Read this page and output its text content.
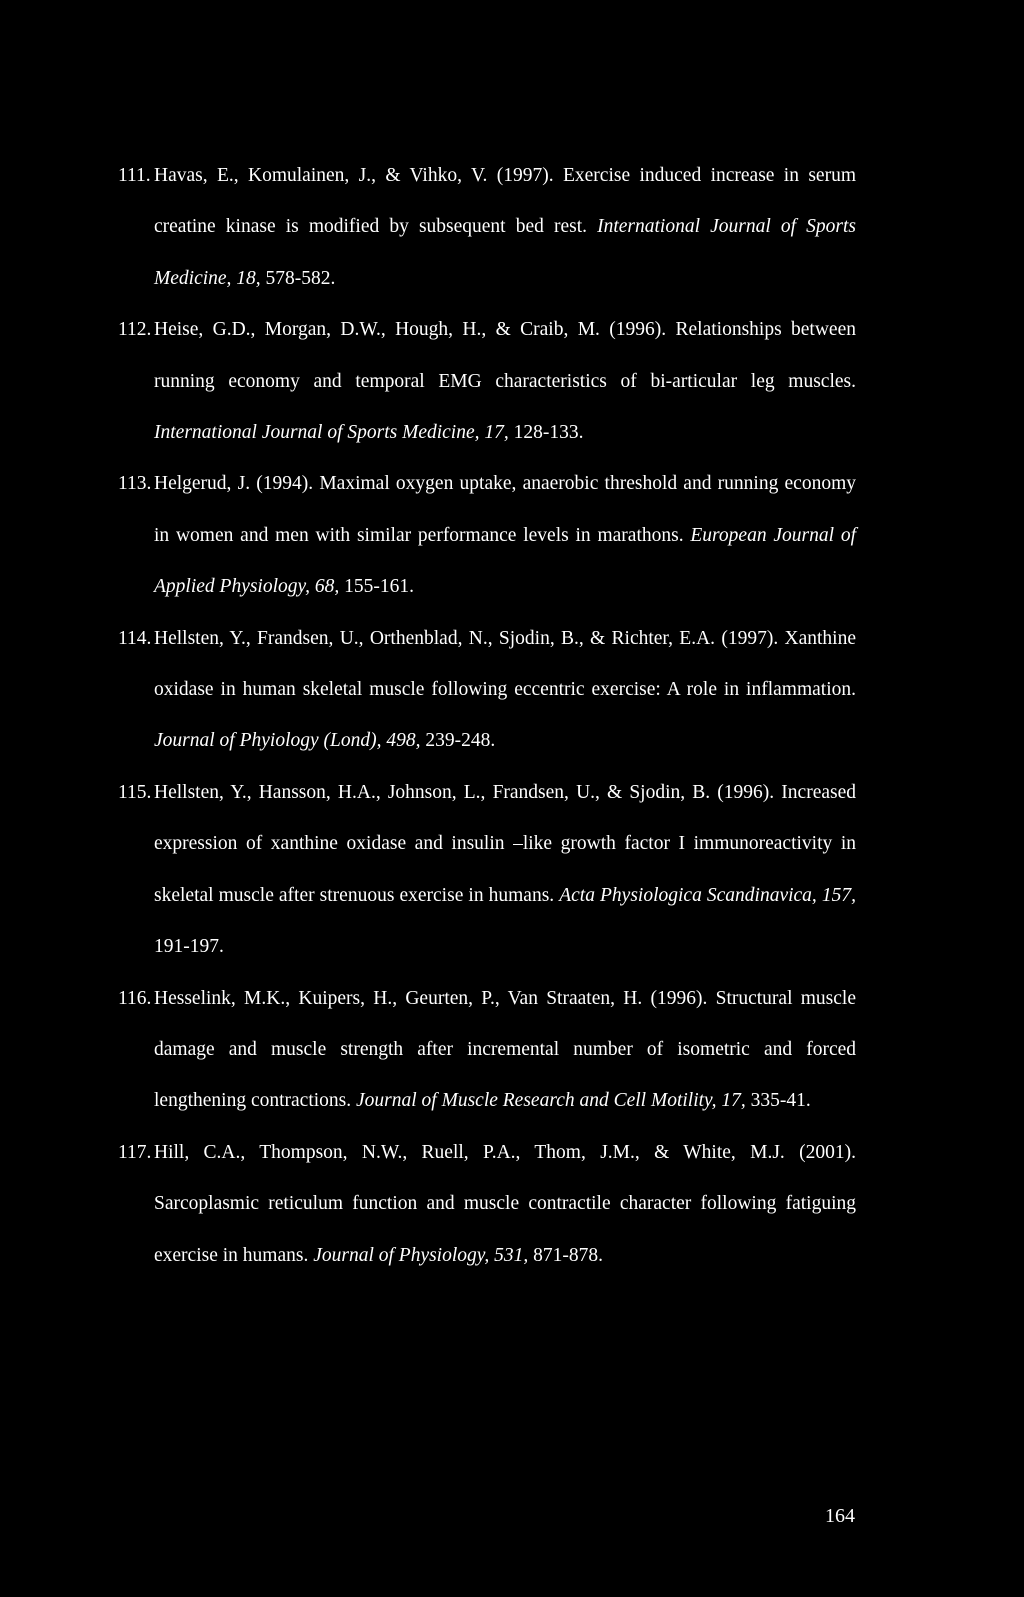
111. Havas, E., Komulainen, J., & Vihko, V. (1997). Exercise induced increase in serum creatine kinase is modified by subsequent bed rest. International Journal of Sports Medicine, 18, 578-582.
112. Heise, G.D., Morgan, D.W., Hough, H., & Craib, M. (1996). Relationships between running economy and temporal EMG characteristics of bi-articular leg muscles. International Journal of Sports Medicine, 17, 128-133.
113. Helgerud, J. (1994). Maximal oxygen uptake, anaerobic threshold and running economy in women and men with similar performance levels in marathons. European Journal of Applied Physiology, 68, 155-161.
114. Hellsten, Y., Frandsen, U., Orthenblad, N., Sjodin, B., & Richter, E.A. (1997). Xanthine oxidase in human skeletal muscle following eccentric exercise: A role in inflammation. Journal of Phyiology (Lond), 498, 239-248.
115. Hellsten, Y., Hansson, H.A., Johnson, L., Frandsen, U., & Sjodin, B. (1996). Increased expression of xanthine oxidase and insulin –like growth factor I immunoreactivity in skeletal muscle after strenuous exercise in humans. Acta Physiologica Scandinavica, 157, 191-197.
116. Hesselink, M.K., Kuipers, H., Geurten, P., Van Straaten, H. (1996). Structural muscle damage and muscle strength after incremental number of isometric and forced lengthening contractions. Journal of Muscle Research and Cell Motility, 17, 335-41.
117. Hill, C.A., Thompson, N.W., Ruell, P.A., Thom, J.M., & White, M.J. (2001). Sarcoplasmic reticulum function and muscle contractile character following fatiguing exercise in humans. Journal of Physiology, 531, 871-878.
164
